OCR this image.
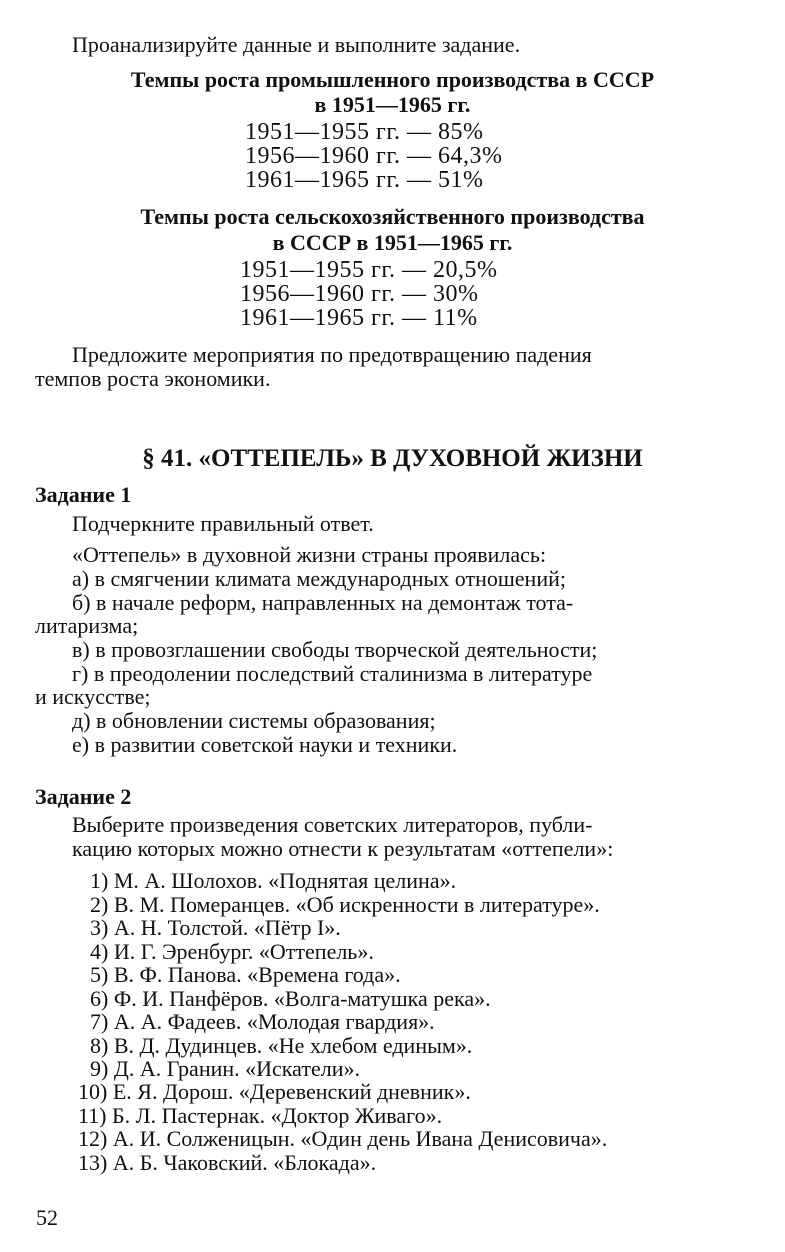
Проанализируйте данные и выполните задание.
Темпы роста промышленного производства в СССР
в 1951—1965 гг.
1951—1955 гг. — 85%
1956—1960 гг. — 64,3%
1961—1965 гг. — 51%
Темпы роста сельскохозяйственного производства
в СССР в 1951—1965 гг.
1951—1955 гг. — 20,5%
1956—1960 гг. — 30%
1961—1965 гг. — 11%
Предложите мероприятия по предотвращению падения
темпов роста экономики.
§ 41. «ОТТЕПЕЛЬ» В ДУХОВНОЙ ЖИЗНИ
Задание 1
Подчеркните правильный ответ.
«Оттепель» в духовной жизни страны проявилась:
а) в смягчении климата международных отношений;
б) в начале реформ, направленных на демонтаж тота-
литаризма;
в) в провозглашении свободы творческой деятельности;
г) в преодолении последствий сталинизма в литературе
и искусстве;
д) в обновлении системы образования;
е) в развитии советской науки и техники.
Задание 2
Выберите произведения советских литераторов, публи-
кацию которых можно отнести к результатам «оттепели»:
1) М. А. Шолохов. «Поднятая целина».
2) В. М. Померанцев. «Об искренности в литературе».
3) А. Н. Толстой. «Пётр I».
4) И. Г. Эренбург. «Оттепель».
5) В. Ф. Панова. «Времена года».
6) Ф. И. Панфёров. «Волга-матушка река».
7) А. А. Фадеев. «Молодая гвардия».
8) В. Д. Дудинцев. «Не хлебом единым».
9) Д. А. Гранин. «Искатели».
10) Е. Я. Дорош. «Деревенский дневник».
11) Б. Л. Пастернак. «Доктор Живаго».
12) А. И. Солженицын. «Один день Ивана Денисовича».
13) А. Б. Чаковский. «Блокада».
52
